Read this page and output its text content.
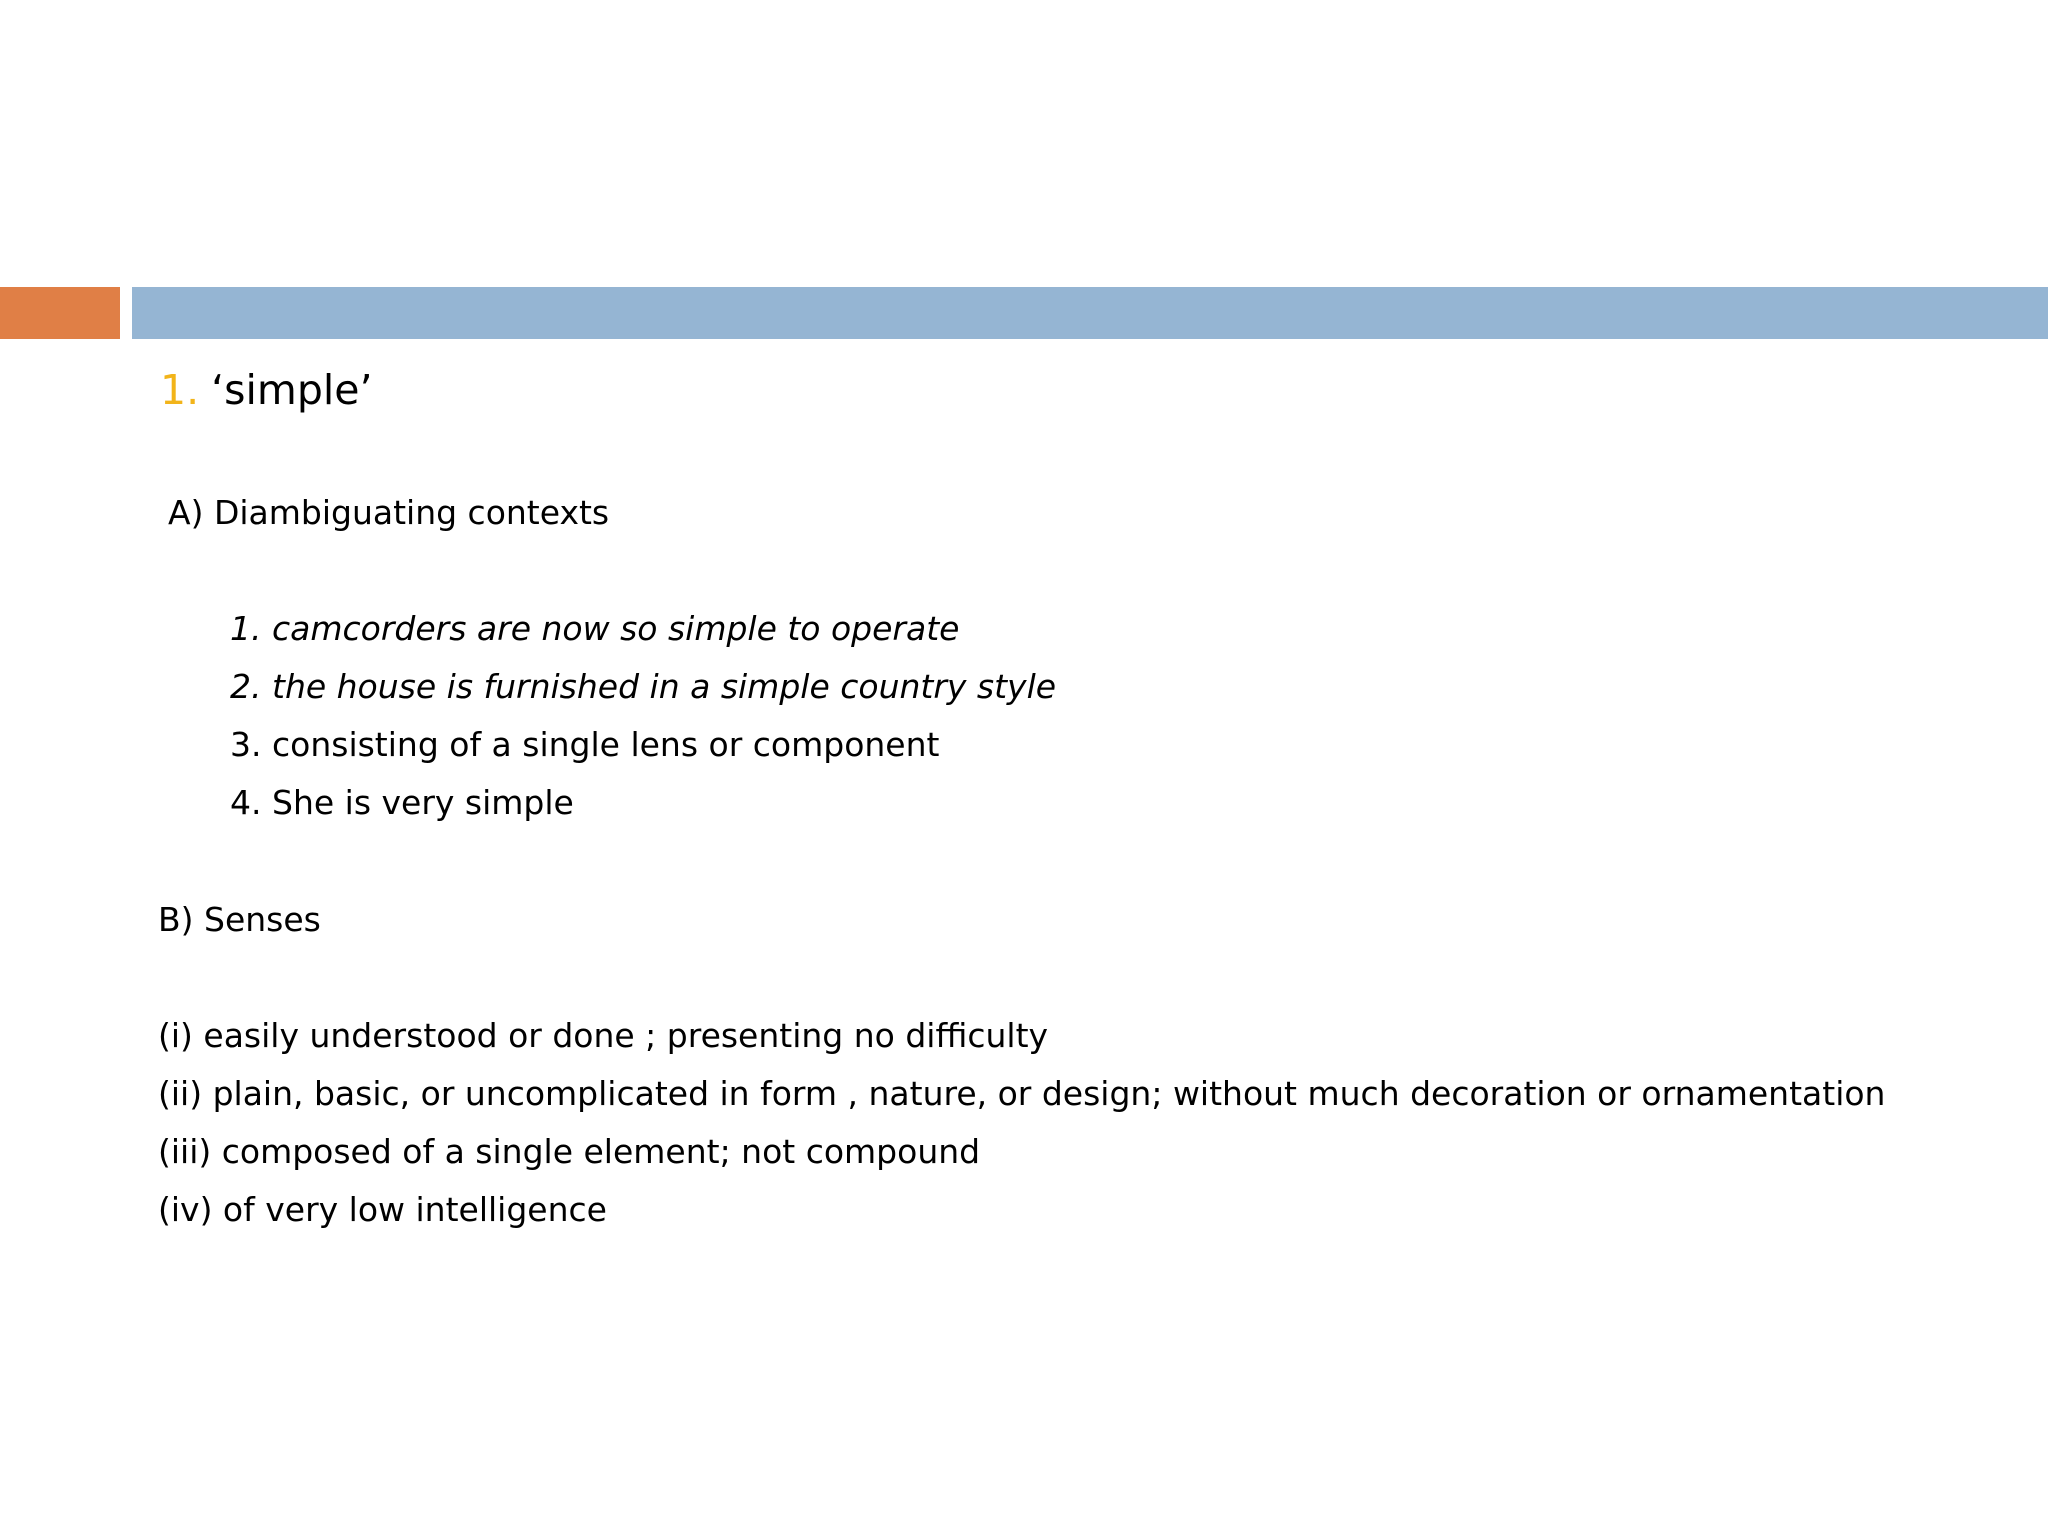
1. ‘simple’
A) Diambiguating contexts
1. camcorders are now so simple to operate
2. the house is furnished in a simple country style
3. consisting of a single lens or component
4. She is very simple
B) Senses
(i) easily understood or done ; presenting no difficulty
(ii) plain, basic, or uncomplicated in form , nature, or design; without much decoration or ornamentation
(iii) composed of a single element; not compound
(iv) of very low intelligence
